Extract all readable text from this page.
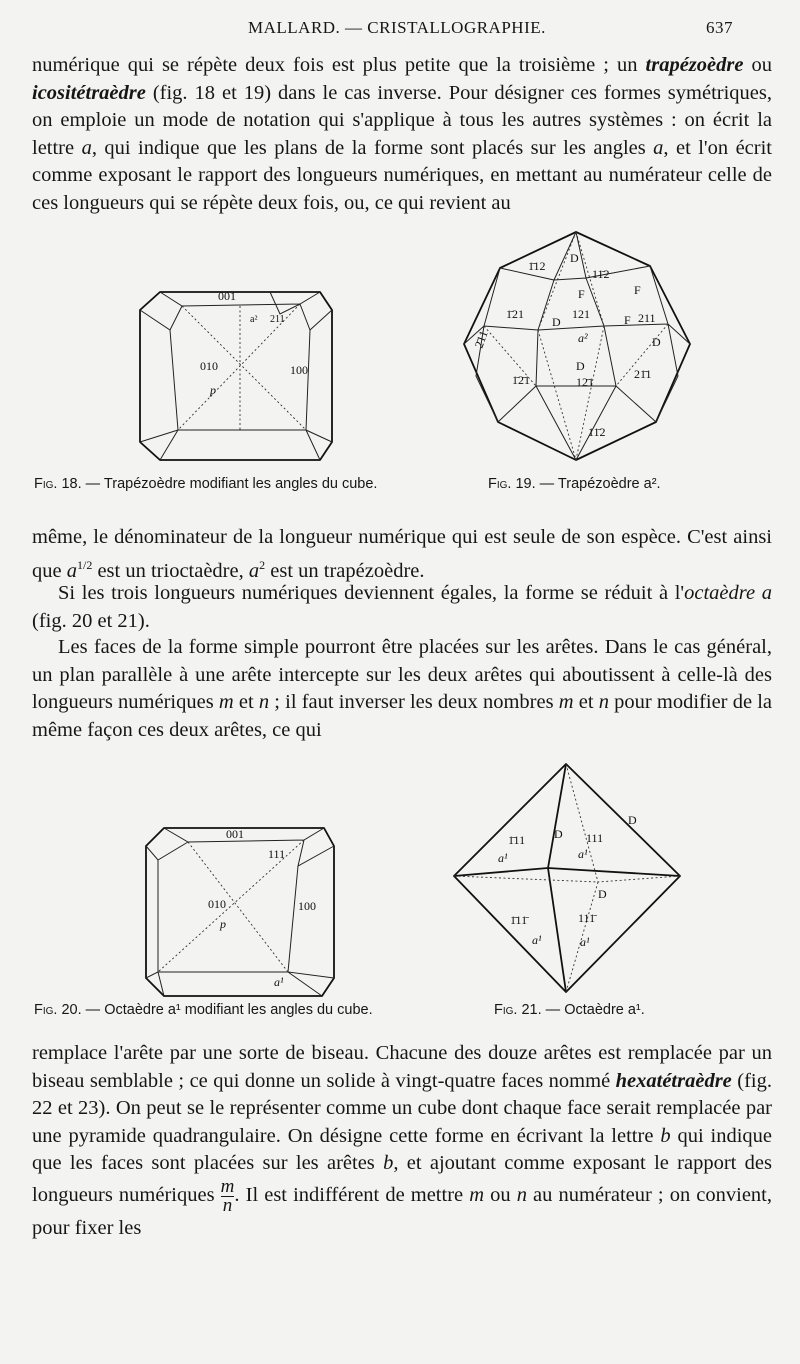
MALLARD. — CRISTALLOGRAPHIE.	637

numérique qui se répète deux fois est plus petite que la troisième ; un trapézoèdre ou icositétraèdre (fig. 18 et 19) dans le cas inverse. Pour désigner ces formes symétriques, on emploie un mode de notation qui s'applique à tous les autres systèmes : on écrit la lettre a, qui indique que les plans de la forme sont placés sur les angles a, et l'on écrit comme exposant le rapport des longueurs numériques, en mettant au numérateur celle de ces longueurs qui se répète deux fois, ou, ce qui revient au

001
a² 211
010
p
100
1̄12
D
11̄2
F	F
2̄11
1̄21
D
121	F 211
a²	D
D
1̄2̄1	12̄1
21̄1
11̄2
Fig. 18. — Trapézoèdre modifiant les angles du cube.	Fig. 19. — Trapézoèdre a².

même, le dénominateur de la longueur numérique qui est seule de son espèce. C'est ainsi que $a^{1/2}$ est un trioctaèdre, $a^2$ est un trapézoèdre.

Si les trois longueurs numériques deviennent égales, la forme se réduit à l'octaèdre a (fig. 20 et 21).

Les faces de la forme simple pourront être placées sur les arêtes. Dans le cas général, un plan parallèle à une arête intercepte sur les deux arêtes qui aboutissent à celle-là des longueurs numériques m et n ; il faut inverser les deux nombres m et n pour modifier de la même façon ces deux arêtes, ce qui

001
111
010
p
100
a¹
1̄11
a¹
D 111
a¹
D
D
1̄11̄
a¹
111̄
a¹
Fig. 20. — Octaèdre a¹ modifiant les angles du cube.	Fig. 21. — Octaèdre a¹.

remplace l'arête par une sorte de biseau. Chacune des douze arêtes est remplacée par un biseau semblable ; ce qui donne un solide à vingt-quatre faces nommé hexatétraèdre (fig. 22 et 23). On peut se le représenter comme un cube dont chaque face serait remplacée par une pyramide quadrangulaire. On désigne cette forme en écrivant la lettre b qui indique que les faces sont placées sur les arêtes b, et ajoutant comme exposant le rapport des longueurs numériques $\frac{m}{n}$ . Il est indifférent de mettre m ou n au numérateur ; on convient, pour fixer les
